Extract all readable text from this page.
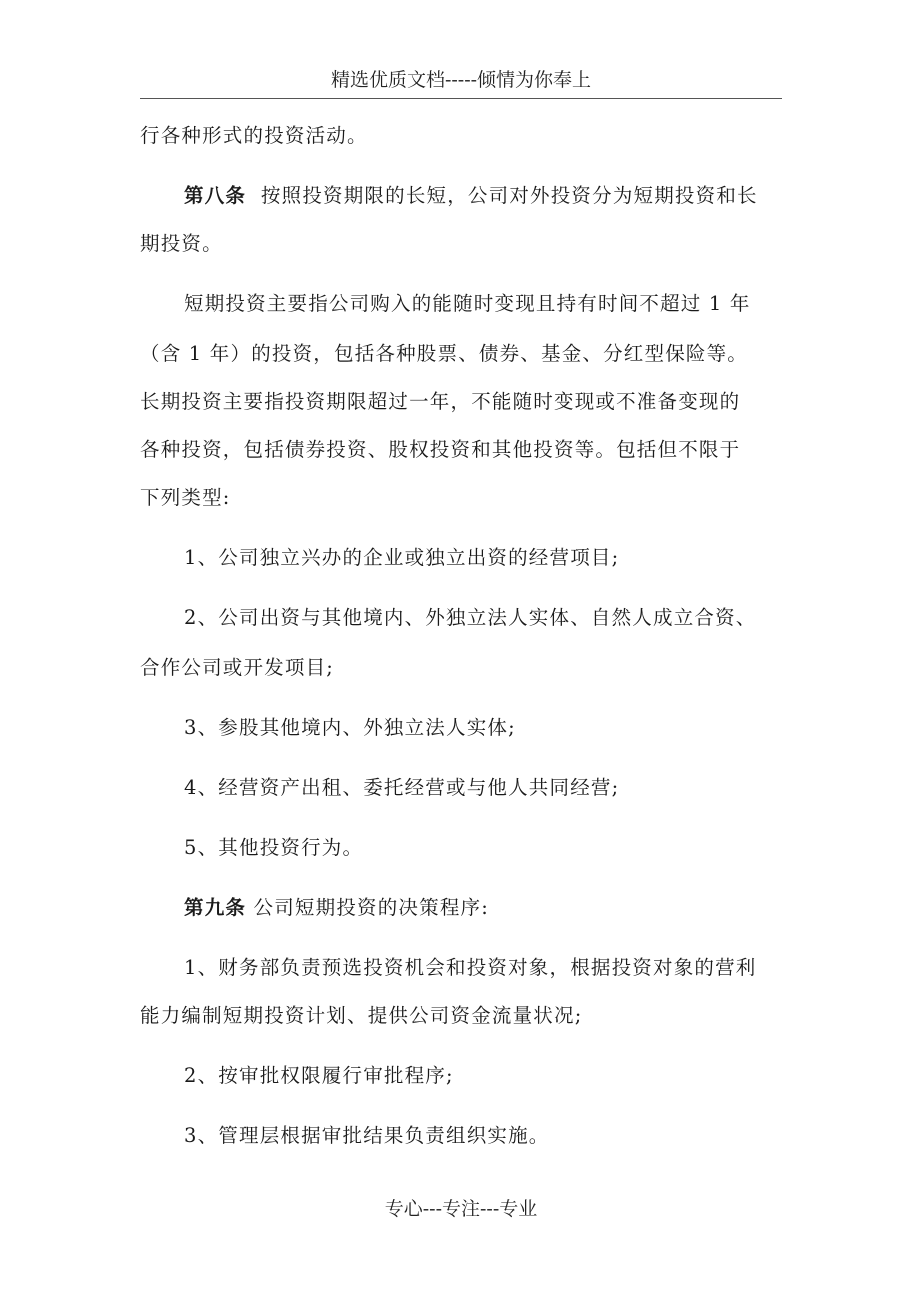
精选优质文档-----倾情为你奉上
行各种形式的投资活动。
第八条 按照投资期限的长短，公司对外投资分为短期投资和长
期投资。
短期投资主要指公司购入的能随时变现且持有时间不超过 1 年
（含 1 年）的投资，包括各种股票、债券、基金、分红型保险等。
长期投资主要指投资期限超过一年，不能随时变现或不准备变现的
各种投资，包括债券投资、股权投资和其他投资等。包括但不限于
下列类型:
1、公司独立兴办的企业或独立出资的经营项目;
2、公司出资与其他境内、外独立法人实体、自然人成立合资、
合作公司或开发项目;
3、参股其他境内、外独立法人实体;
4、经营资产出租、委托经营或与他人共同经营;
5、其他投资行为。
第九条 公司短期投资的决策程序:
1、财务部负责预选投资机会和投资对象，根据投资对象的营利
能力编制短期投资计划、提供公司资金流量状况;
2、按审批权限履行审批程序;
3、管理层根据审批结果负责组织实施。
专心---专注---专业
